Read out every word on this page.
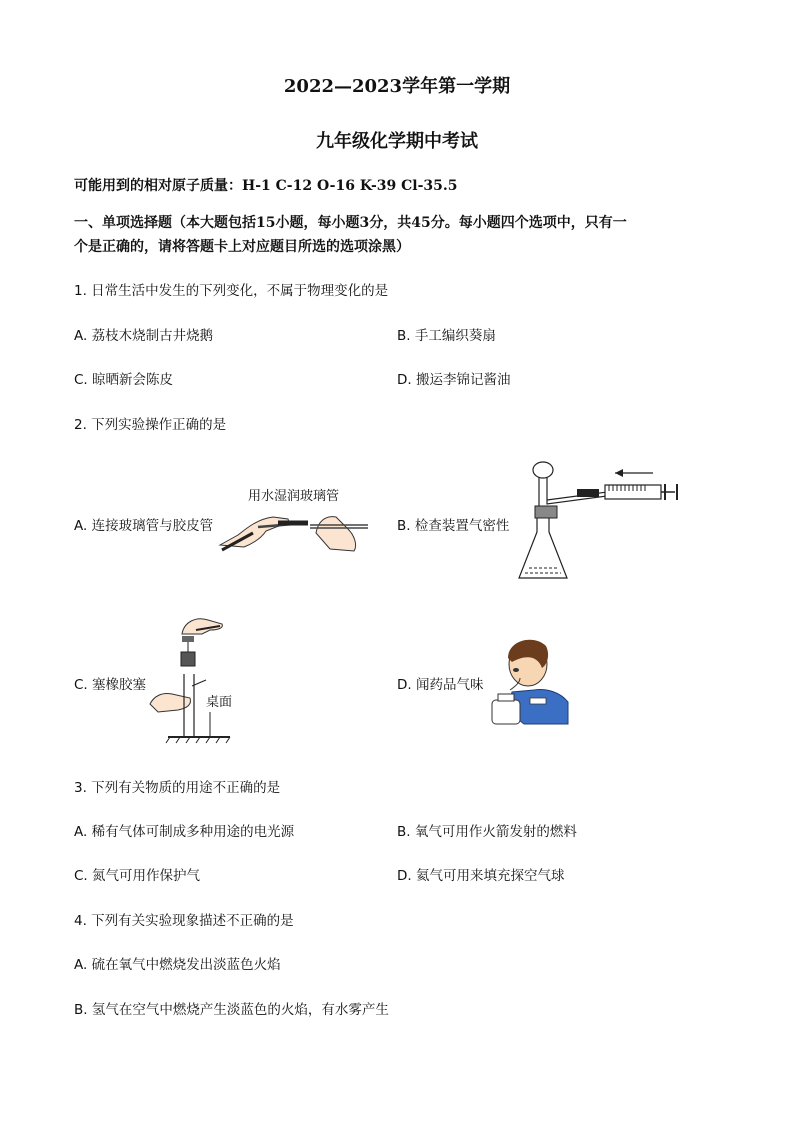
2022—2023学年第一学期
九年级化学期中考试
可能用到的相对原子质量：H-1 C-12 O-16 K-39 Cl-35.5
一、单项选择题（本大题包括15小题，每小题3分，共45分。每小题四个选项中，只有一
个是正确的，请将答题卡上对应题目所选的选项涂黑）
1. 日常生活中发生的下列变化，不属于物理变化的是
A. 荔枝木烧制古井烧鹅	B. 手工编织葵扇
C. 晾晒新会陈皮	D. 搬运李锦记酱油
2. 下列实验操作正确的是
A. 连接玻璃管与胶皮管
用水湿润玻璃管
B. 检查装置气密性
C. 塞橡胶塞
桌面
D. 闻药品气味
3. 下列有关物质的用途不正确的是
A. 稀有气体可制成多种用途的电光源	B. 氧气可用作火箭发射的燃料
C. 氮气可用作保护气	D. 氦气可用来填充探空气球
4. 下列有关实验现象描述不正确的是
A. 硫在氧气中燃烧发出淡蓝色火焰
B. 氢气在空气中燃烧产生淡蓝色的火焰，有水雾产生
